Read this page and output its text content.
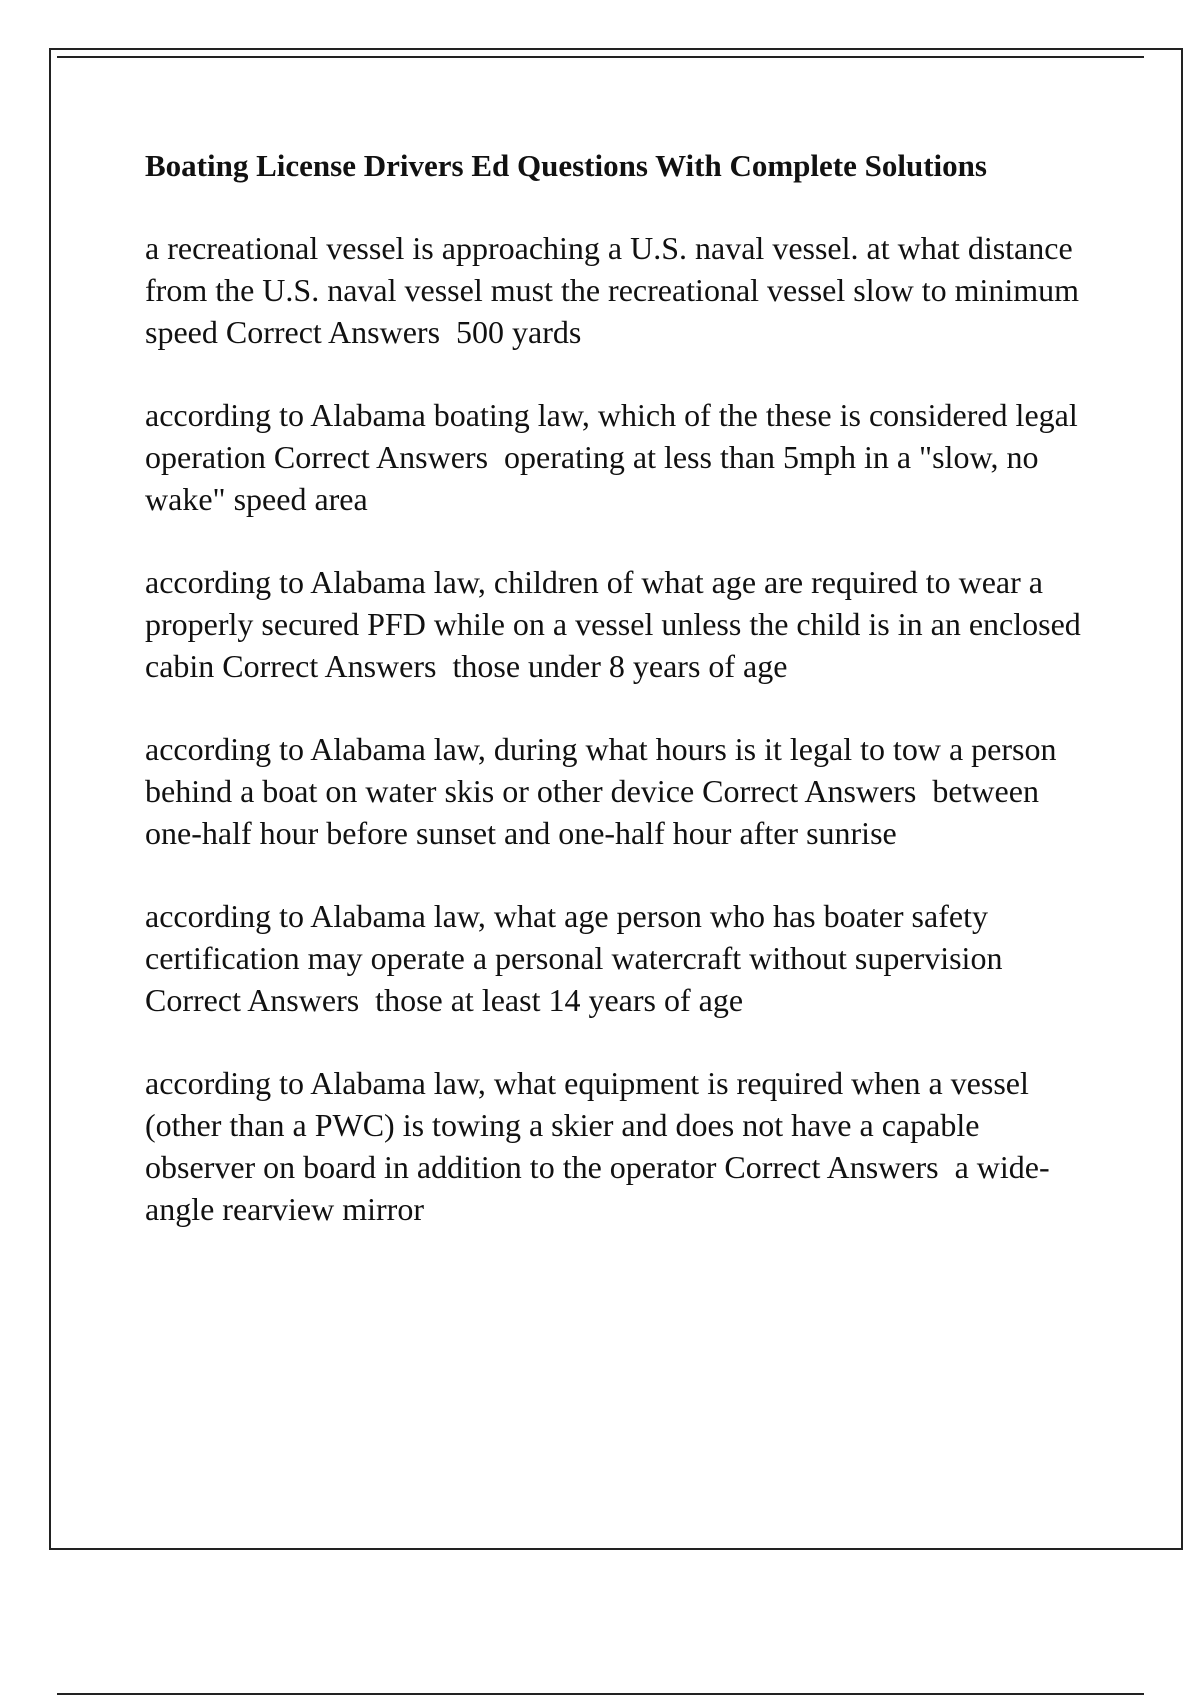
Boating License Drivers Ed Questions With Complete Solutions
a recreational vessel is approaching a U.S. naval vessel. at what distance from the U.S. naval vessel must the recreational vessel slow to minimum speed Correct Answers  500 yards
according to Alabama boating law, which of the these is considered legal operation Correct Answers  operating at less than 5mph in a "slow, no wake" speed area
according to Alabama law, children of what age are required to wear a properly secured PFD while on a vessel unless the child is in an enclosed cabin Correct Answers  those under 8 years of age
according to Alabama law, during what hours is it legal to tow a person behind a boat on water skis or other device Correct Answers  between one-half hour before sunset and one-half hour after sunrise
according to Alabama law, what age person who has boater safety certification may operate a personal watercraft without supervision Correct Answers  those at least 14 years of age
according to Alabama law, what equipment is required when a vessel (other than a PWC) is towing a skier and does not have a capable observer on board in addition to the operator Correct Answers  a wide-angle rearview mirror
